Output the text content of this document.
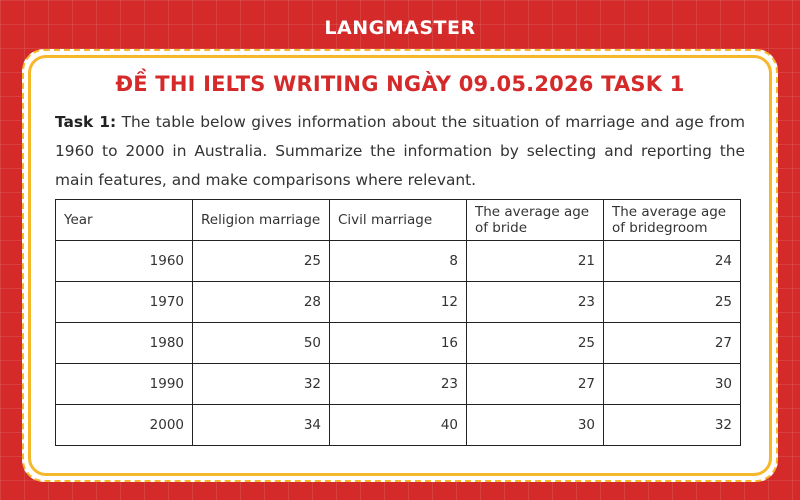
LANGMASTER
ĐỀ THI IELTS WRITING NGÀY 09.05.2026 TASK 1
Task 1: The table below gives information about the situation of marriage and age from 1960 to 2000 in Australia. Summarize the information by selecting and reporting the main features, and make comparisons where relevant.
Year	Religion marriage	Civil marriage	The average age of bride	The average age of bridegroom
1960	25	8	21	24
1970	28	12	23	25
1980	50	16	25	27
1990	32	23	27	30
2000	34	40	30	32
